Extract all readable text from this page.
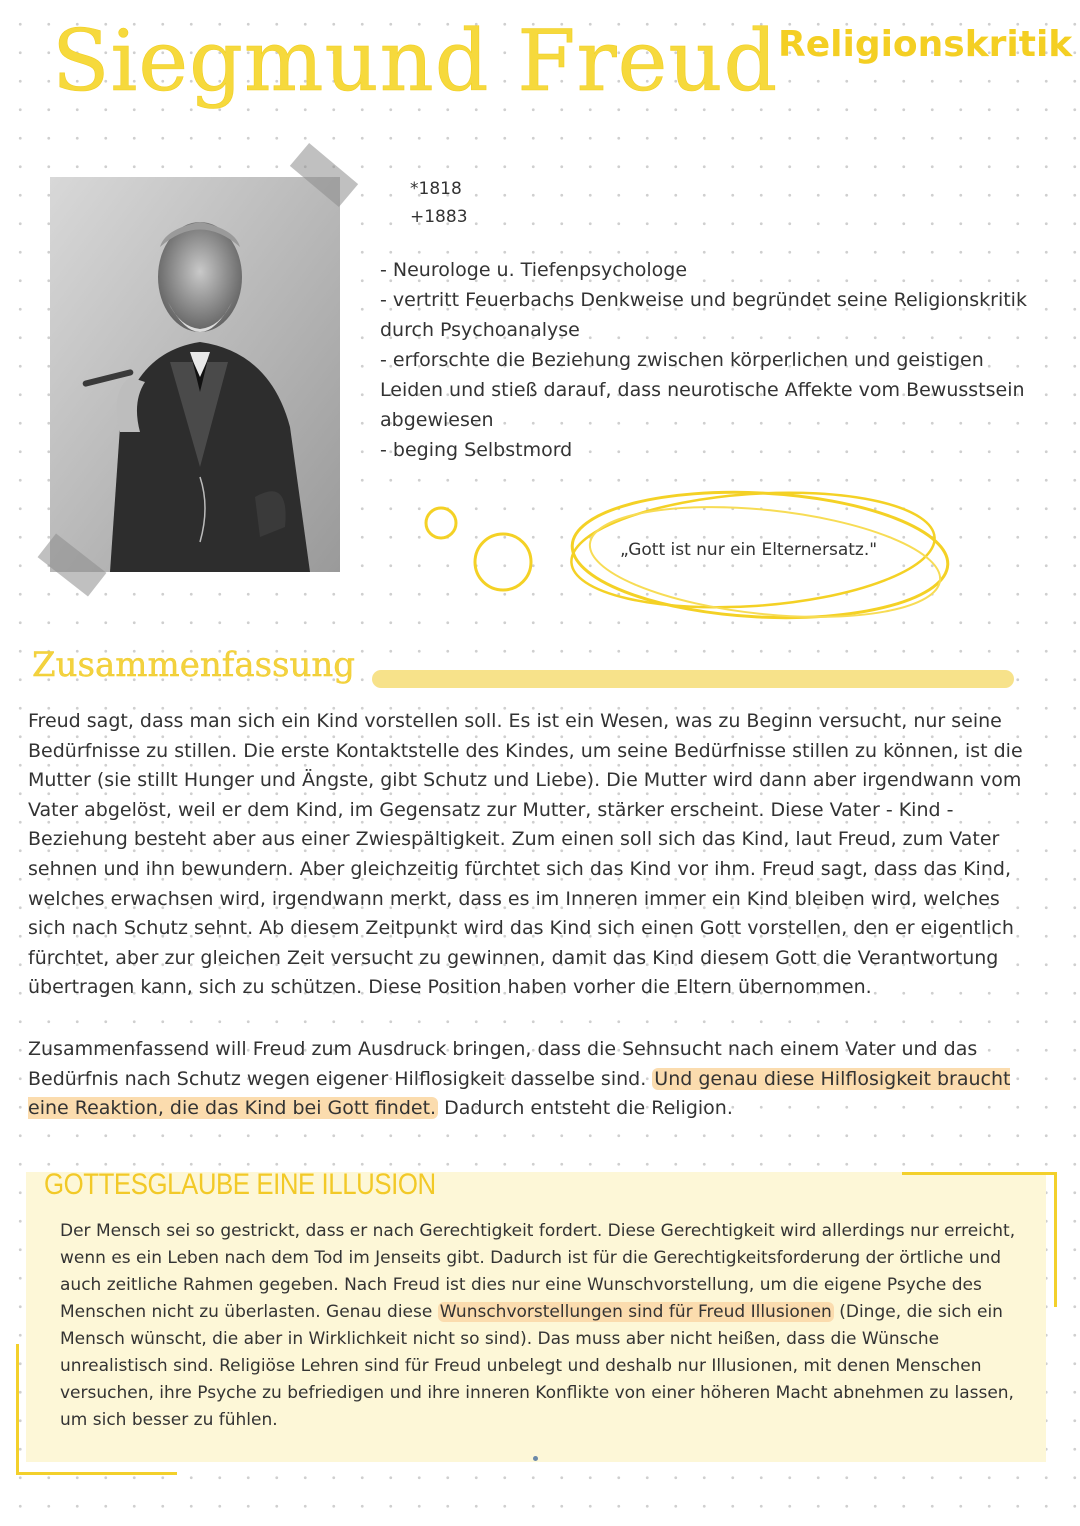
Siegmund Freud Religionskritik
*1818
+1883
- Neurologe u. Tiefenpsychologe
- vertritt Feuerbachs Denkweise und begründet seine Religionskritik durch Psychoanalyse
- erforschte die Beziehung zwischen körperlichen und geistigen Leiden und stieß darauf, dass neurotische Affekte vom Bewusstsein abgewiesen
- beging Selbstmord
„Gott ist nur ein Elternersatz."
Zusammenfassung

Freud sagt, dass man sich ein Kind vorstellen soll. Es ist ein Wesen, was zu Beginn versucht, nur seine Bedürfnisse zu stillen. Die erste Kontaktstelle des Kindes, um seine Bedürfnisse stillen zu können, ist die Mutter (sie stillt Hunger und Ängste, gibt Schutz und Liebe). Die Mutter wird dann aber irgendwann vom Vater abgelöst, weil er dem Kind, im Gegensatz zur Mutter, stärker erscheint. Diese Vater - Kind - Beziehung besteht aber aus einer Zwiespältigkeit. Zum einen soll sich das Kind, laut Freud, zum Vater sehnen und ihn bewundern. Aber gleichzeitig fürchtet sich das Kind vor ihm. Freud sagt, dass das Kind, welches erwachsen wird, irgendwann merkt, dass es im Inneren immer ein Kind bleiben wird, welches sich nach Schutz sehnt. Ab diesem Zeitpunkt wird das Kind sich einen Gott vorstellen, den er eigentlich fürchtet, aber zur gleichen Zeit versucht zu gewinnen, damit das Kind diesem Gott die Verantwortung übertragen kann, sich zu schützen. Diese Position haben vorher die Eltern übernommen.

Zusammenfassend will Freud zum Ausdruck bringen, dass die Sehnsucht nach einem Vater und das Bedürfnis nach Schutz wegen eigener Hilflosigkeit dasselbe sind. Und genau diese Hilflosigkeit braucht eine Reaktion, die das Kind bei Gott findet. Dadurch entsteht die Religion.

GOTTESGLAUBE EINE ILLUSION

Der Mensch sei so gestrickt, dass er nach Gerechtigkeit fordert. Diese Gerechtigkeit wird allerdings nur erreicht, wenn es ein Leben nach dem Tod im Jenseits gibt. Dadurch ist für die Gerechtigkeitsforderung der örtliche und auch zeitliche Rahmen gegeben. Nach Freud ist dies nur eine Wunschvorstellung, um die eigene Psyche des Menschen nicht zu überlasten. Genau diese Wunschvorstellungen sind für Freud Illusionen (Dinge, die sich ein Mensch wünscht, die aber in Wirklichkeit nicht so sind). Das muss aber nicht heißen, dass die Wünsche unrealistisch sind. Religiöse Lehren sind für Freud unbelegt und deshalb nur Illusionen, mit denen Menschen versuchen, ihre Psyche zu befriedigen und ihre inneren Konflikte von einer höheren Macht abnehmen zu lassen, um sich besser zu fühlen.
